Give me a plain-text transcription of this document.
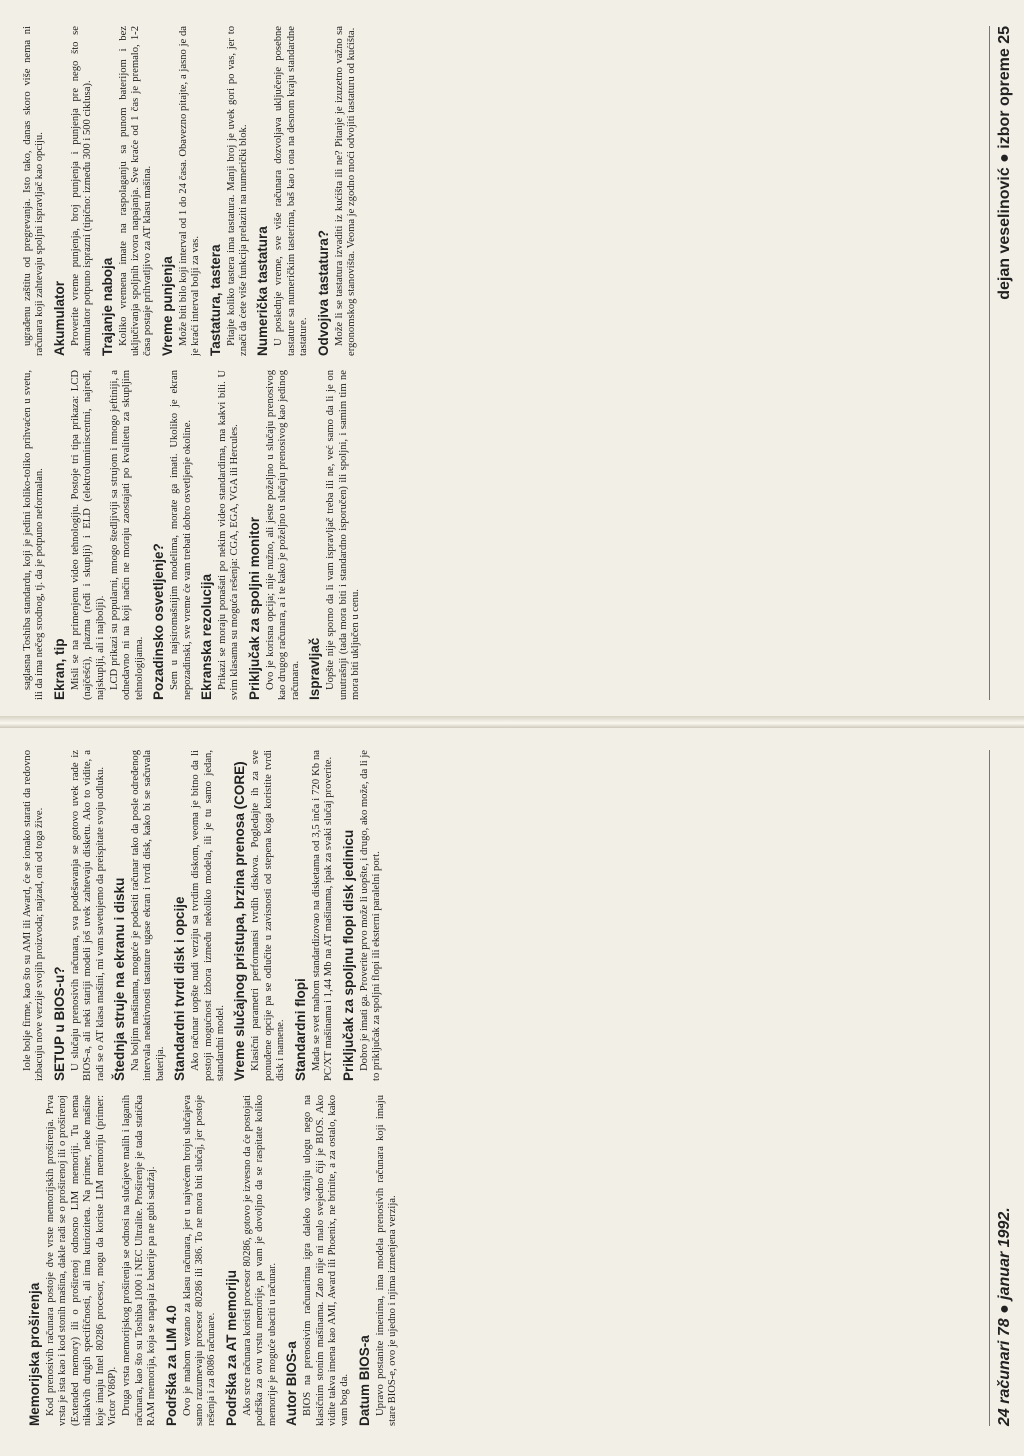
Memorijska proširenja Kod prenosivih računara postoje dve vrste memorijskih proširenja. Prva vrsta je ista kao i kod stonih mašina, dakle radi se o proširenoj ili o proširenoj (Extended memory) ili o proširenoj odnosno LIM memoriji. Tu nema nikakvih drugih specifičnosti, ali ima kurioziteta. Na primer, neke mašine koje imaju Intel 80286 procesor, mogu da koriste LIM memoriju (primer: Victor V86P). Druga vrsta memorijskog proširenja se odnosi na slučajeve malih i laganih računara, kao što su Toshiba 1000 i NEC Ultralite. Proširenje je tada statička RAM memorija, koja se napaja iz baterije pa ne gubi sadržaj. Podrška za LIM 4.0 Ovo je mahom vezano za klasu računara, jer u najvećem broju slučajeva samo razumevaju procesor 80286 ili 386. To ne mora biti slučaj, jer postoje rešenja i za 8086 računare. Podrška za AT memoriju Ako srce računara koristi procesor 80286, gotovo je izvesno da će postojati podrška za ovu vrstu memorije, pa vam je dovoljno da se raspitate koliko memorije je moguće ubaciti u računar. Autor BIOS-a BIOS na prenosivim računarima igra daleko važniju ulogu nego na klasičnim stonim mašinama. Zato nije ni malo svejedno čiji je BIOS. Ako vidite takva imena kao AMI, Award ili Phoenix, ne brinite, a za ostalo, kako vam bog da. Datum BIOS-a Upravo postanite imenima, ima modela prenosivih računara koji imaju stare BIOS-e, ovo je ujedno i njima izmenjena verzija.

Iole bolje firme, kao što su AMI ili Award, će se ionako starati da redovno izbacuju nove verzije svojih proizvoda; najzad, oni od toga žive. SETUP u BIOS-u? U slučaju prenosivih računara, sva podešavanja se gotovo uvek rade iz BIOS-a, ali neki stariji modeli još uvek zahtevaju disketu. Ako to vidite, a radi se o AT klasa mašini, mi vam savetujemo da preispitate svoju odluku. Štednja struje na ekranu i disku Na bolјim mašinama, moguće je podesiti računar tako da posle određenog intervala neaktivnosti tastature ugase ekran i tvrdi disk, kako bi se sačuvala baterija. Standardni tvrdi disk i opcije Ako računar uopšte nudi verziju sa tvrdim diskom, veoma je bitno da li postoji mogućnost izbora između nekoliko modela, ili je tu samo jedan, standardni model. Vreme slučajnog pristupa, brzina prenosa (CORE) Klasični parametri performansi tvrdih diskova. Pogledajte ih za sve ponuđene opcije pa se odlučite u zavisnosti od stepena koga koristite tvrdi disk i namene. Standardni flopi Mada se svet mahom standardizovao na disketama od 3,5 inča i 720 Kb na PC/XT mašinama i 1,44 Mb na AT mašinama, ipak za svaki slučaj proverite. Priključak za spoljnu flopi disk jedinicu Dobro je imati ga. Proverite prvo može li uopšte, i drugo, ako može, da li je to priključak za spoljni flopi ili eksterni paralelni port.

24 računari 78 ● januar 1992.

saglasna Toshiba standardu, koji je jedini koliko-toliko prihvaćen u svetu, ili da ima nečeg srodnog, tj. da je potpuno neformalan. Ekran, tip Misli se na primenjenu video tehnologiju. Postoje tri tipa prikaza: LCD (najčešći), plazma (ređi i skuplji) i ELD (elektroluminiscentni, najređi, najskuplji, ali i najbolji). LCD prikazi su popularni, mnogo štedljiviji sa strujom i mnogo jeftiniji, a odnedavno ni na koji način ne moraju zaostajati po kvalitetu za skupljim tehnologijama. Pozadinsko osvetljenje? Sem u najsiromašnijim modelima, morate ga imati. Ukoliko je ekran nepozadinski, sve vreme će vam trebati dobro osvetljenje okoline. Ekranska rezolucija Prikazi se moraju ponašati po nekim video standardima, ma kakvi bili. U svim klasama su moguća rešenja: CGA, EGA, VGA ili Hercules. Priključak za spoljni monitor Ovo je korisna opcija; nije nužno, ali jeste poželjno u slučaju prenosivog kao drugog računara, a i te kako je poželjno u slučaju prenosivog kao jedinog računara. Ispravljač Uopšte nije sporno da li vam ispravljač treba ili ne, već samo da li je on unutrašnji (tada mora biti i standardno isporučen) ili spoljni, i samim tim ne mora biti uključen u cenu.

ugrađenu zaštitu od pregrevanja. Isto tako, danas skoro više nema ni računara koji zahtevaju spoljni ispravljač kao opciju. Akumulator Proverite vreme punjenja, broj punjenja i punjenja pre nego što se akumulator potpuno isprazni (tipično: između 300 i 500 ciklusa). Trajanje naboja Koliko vremena imate na raspolaganju sa punom baterijom i bez uključivanja spoljnih izvora napajanja. Sve kraće od 1 čas je premalo, 1-2 časa postaje prihvatljivo za AT klasu mašina. Vreme punjenja Može biti bilo koji interval od 1 do 24 časa. Obavezno pitajte, a jasno je da je kraći interval bolji za vas. Tastatura, tastera Pitajte koliko tastera ima tastatura. Manji broj je uvek gori po vas, jer to znači da ćete više funkcija prelaziti na numerički blok. Numerička tastatura U poslednje vreme, sve više računara dozvoljava uključenje posebne tastature sa numeričkim tasterima, baš kao i ona na desnom kraju standardne tastature. Odvojiva tastatura? Može li se tastatura izvaditi iz kućišta ili ne? Pitanje je izuzetno važno sa ergonomskog stanovišta. Veoma je zgodno moći odvojiti tastaturu od kućišta.	dejan veselinović ● izbor opreme 25
